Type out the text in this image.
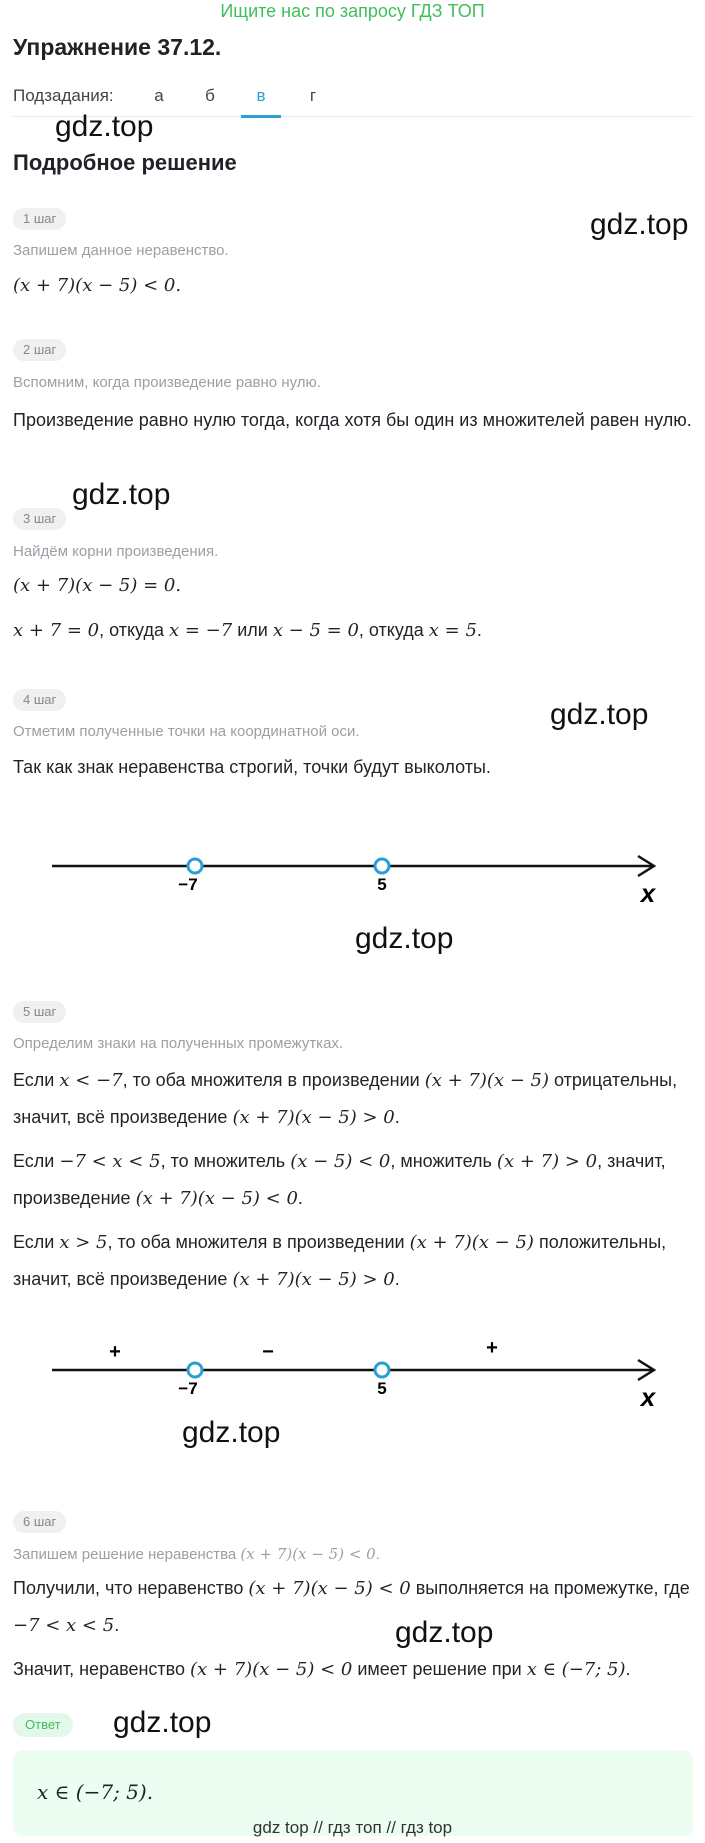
Ищите нас по запросу ГДЗ ТОП
Упражнение 37.12.
Подзадания:	а	б	в	г
gdz.top
Подробное решение
1 шаг	gdz.top
Запишем данное неравенство.
(x + 7)(x − 5) < 0.
2 шаг
Вспомним, когда произведение равно нулю.
Произведение равно нулю тогда, когда хотя бы один из множителей равен нулю.
gdz.top
3 шаг
Найдём корни произведения.
(x + 7)(x − 5) = 0.
x + 7 = 0, откуда x = −7 или x − 5 = 0, откуда x = 5.
4 шаг	gdz.top
Отметим полученные точки на координатной оси.
Так как знак неравенства строгий, точки будут выколоты.
−7	5	x
gdz.top
5 шаг
Определим знаки на полученных промежутках.
Если x < −7, то оба множителя в произведении (x + 7)(x − 5) отрицательны, значит, всё произведение (x + 7)(x − 5) > 0.
Если −7 < x < 5, то множитель (x − 5) < 0, множитель (x + 7) > 0, значит, произведение (x + 7)(x − 5) < 0.
Если x > 5, то оба множителя в произведении (x + 7)(x − 5) положительны, значит, всё произведение (x + 7)(x − 5) > 0.
+	−	+
−7	5	x
gdz.top
6 шаг
Запишем решение неравенства (x + 7)(x − 5) < 0.
Получили, что неравенство (x + 7)(x − 5) < 0 выполняется на промежутке, где −7 < x < 5.	gdz.top
Значит, неравенство (x + 7)(x − 5) < 0 имеет решение при x ∈ (−7; 5).
Ответ	gdz.top
x ∈ (−7; 5).
gdz top // гдз топ // гдз top
